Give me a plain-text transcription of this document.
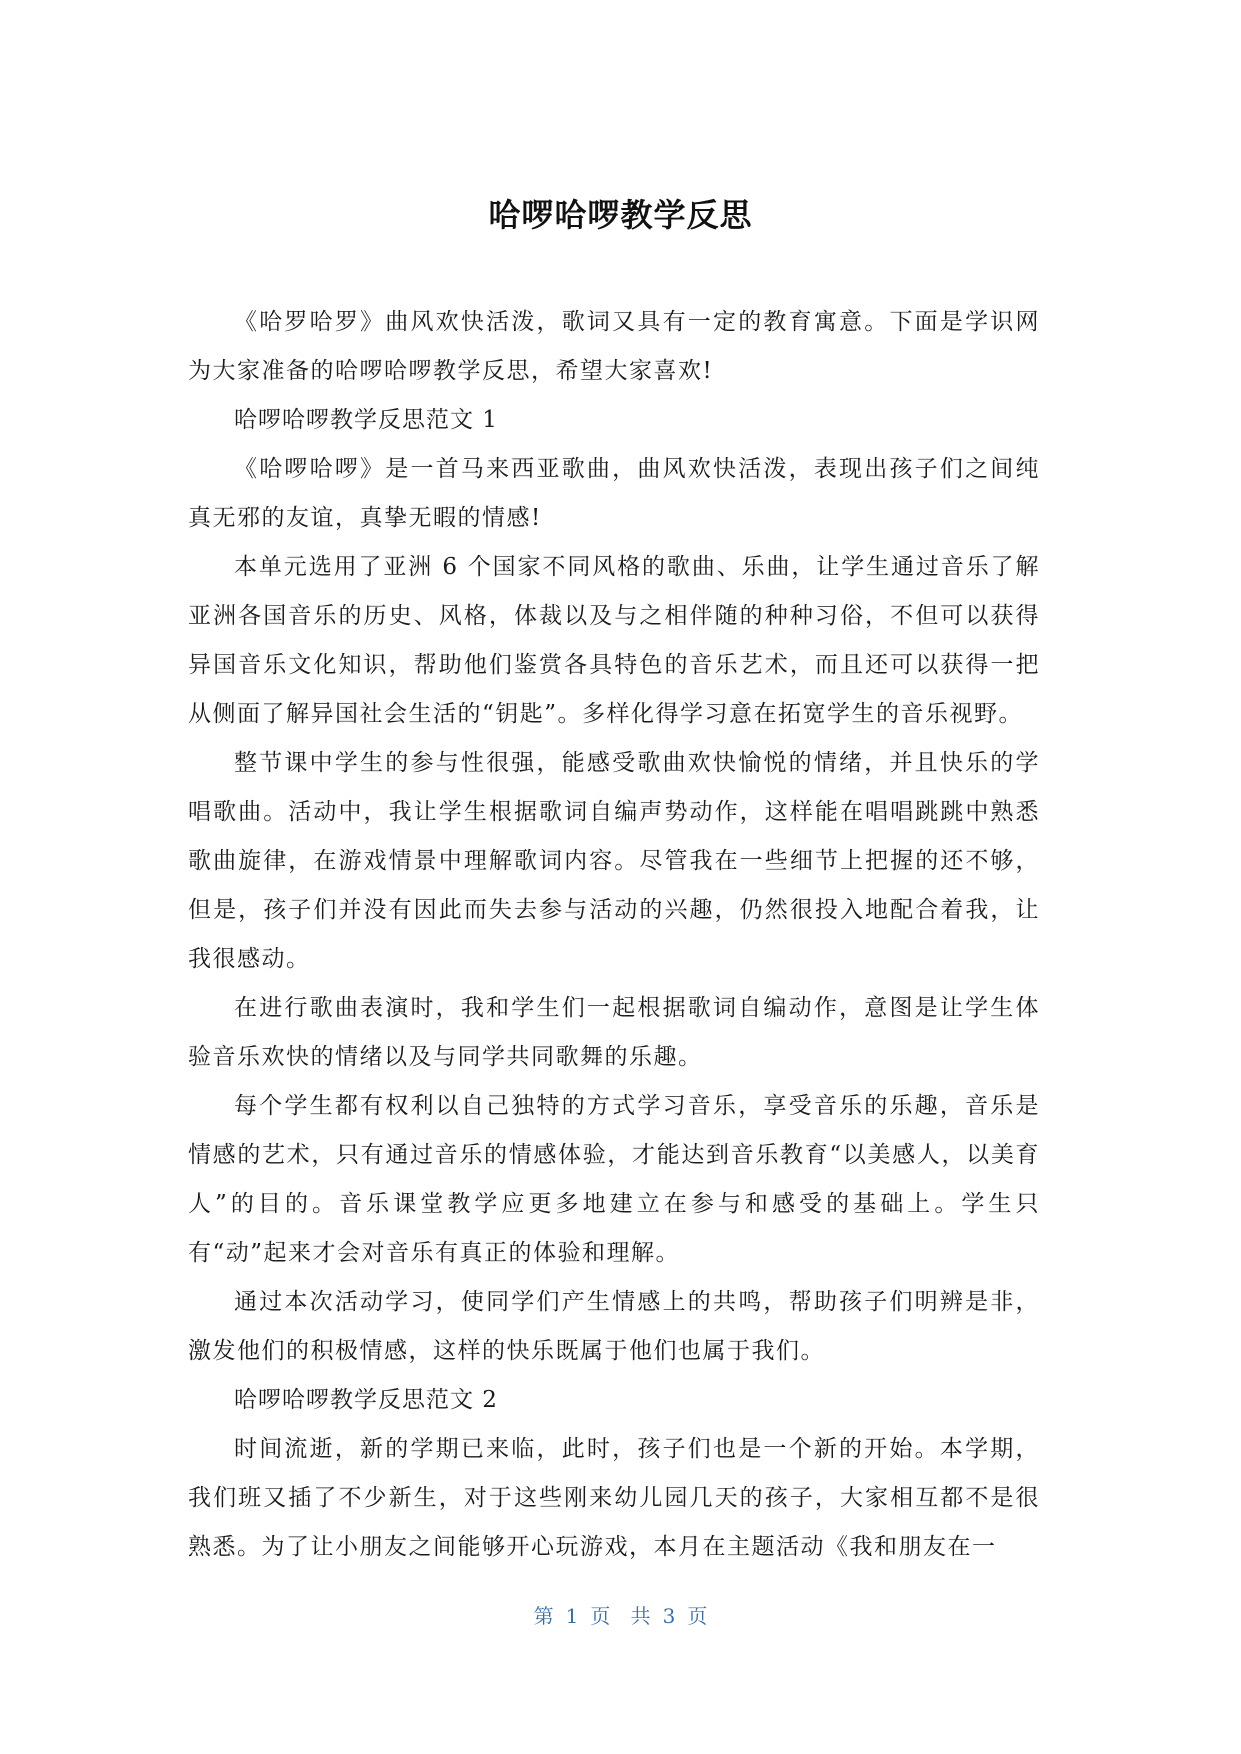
哈啰哈啰教学反思

《哈罗哈罗》曲风欢快活泼，歌词又具有一定的教育寓意。下面是学识网为大家准备的哈啰哈啰教学反思，希望大家喜欢!

哈啰哈啰教学反思范文 1

《哈啰哈啰》是一首马来西亚歌曲，曲风欢快活泼，表现出孩子们之间纯真无邪的友谊，真挚无暇的情感!

本单元选用了亚洲 6 个国家不同风格的歌曲、乐曲，让学生通过音乐了解亚洲各国音乐的历史、风格，体裁以及与之相伴随的种种习俗，不但可以获得异国音乐文化知识，帮助他们鉴赏各具特色的音乐艺术，而且还可以获得一把从侧面了解异国社会生活的“钥匙”。多样化得学习意在拓宽学生的音乐视野。

整节课中学生的参与性很强，能感受歌曲欢快愉悦的情绪，并且快乐的学唱歌曲。活动中，我让学生根据歌词自编声势动作，这样能在唱唱跳跳中熟悉歌曲旋律，在游戏情景中理解歌词内容。尽管我在一些细节上把握的还不够，但是，孩子们并没有因此而失去参与活动的兴趣，仍然很投入地配合着我，让我很感动。

在进行歌曲表演时，我和学生们一起根据歌词自编动作，意图是让学生体验音乐欢快的情绪以及与同学共同歌舞的乐趣。

每个学生都有权利以自己独特的方式学习音乐，享受音乐的乐趣，音乐是情感的艺术，只有通过音乐的情感体验，才能达到音乐教育“以美感人，以美育人”的目的。音乐课堂教学应更多地建立在参与和感受的基础上。学生只有“动”起来才会对音乐有真正的体验和理解。

通过本次活动学习，使同学们产生情感上的共鸣，帮助孩子们明辨是非，激发他们的积极情感，这样的快乐既属于他们也属于我们。

哈啰哈啰教学反思范文 2

时间流逝，新的学期已来临，此时，孩子们也是一个新的开始。本学期，我们班又插了不少新生，对于这些刚来幼儿园几天的孩子，大家相互都不是很熟悉。为了让小朋友之间能够开心玩游戏，本月在主题活动《我和朋友在一

第 1 页 共 3 页
